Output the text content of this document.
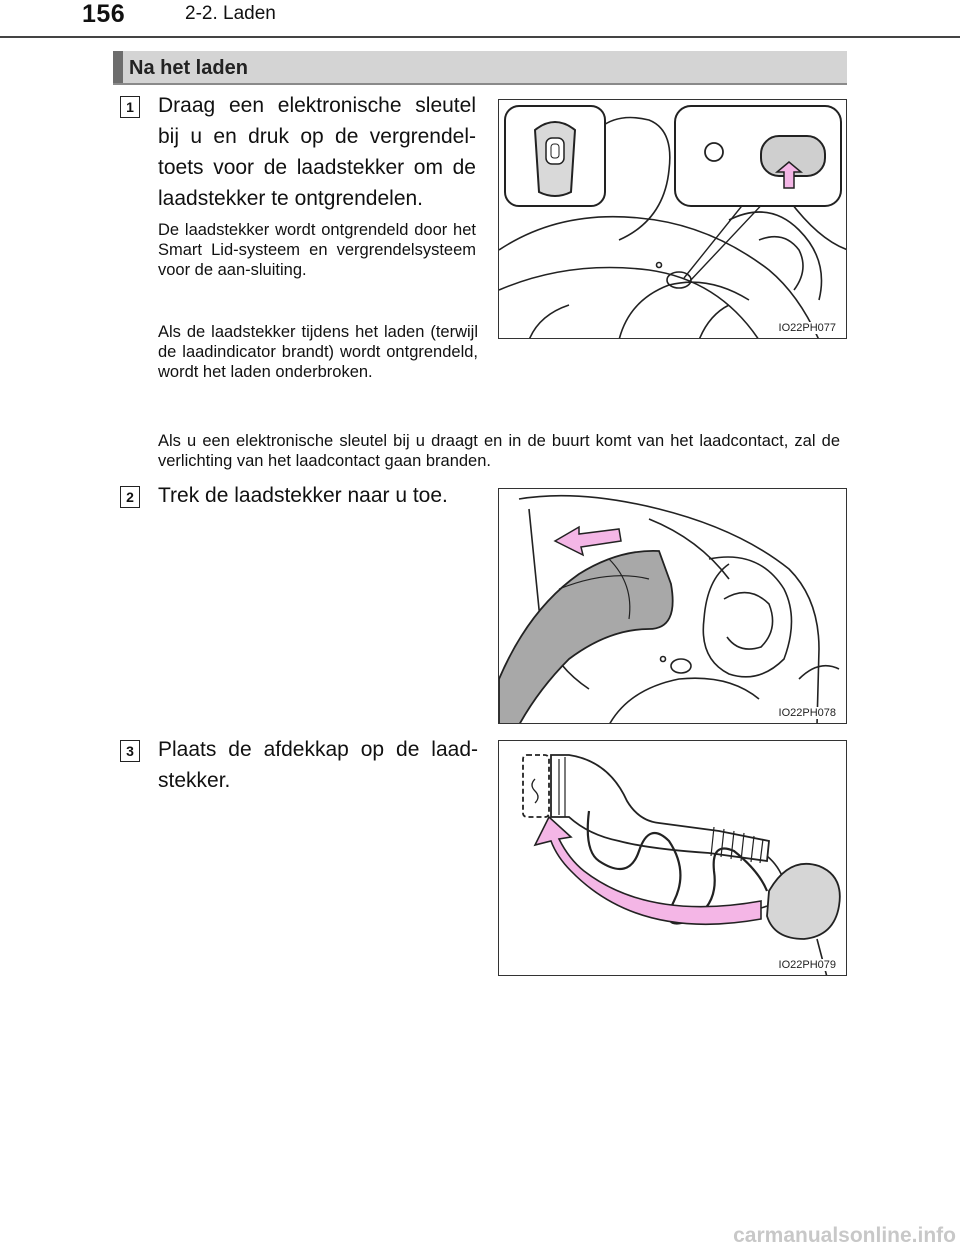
156	2-2. Laden
Na het laden
1 Draag een elektronische sleutel bij u en druk op de vergrendel-toets voor de laadstekker om de laadstekker te ontgrendelen.
De laadstekker wordt ontgrendeld door het Smart Lid-systeem en vergrendelsysteem voor de aan-sluiting.
Als de laadstekker tijdens het laden (terwijl de laadindicator brandt) wordt ontgrendeld, wordt het laden onderbroken.
Als u een elektronische sleutel bij u draagt en in de buurt komt van het laadcontact, zal de verlichting van het laadcontact gaan branden.
IO22PH077
2 Trek de laadstekker naar u toe.
IO22PH078
3 Plaats de afdekkap op de laad-stekker.
IO22PH079
carmanualsonline.info
